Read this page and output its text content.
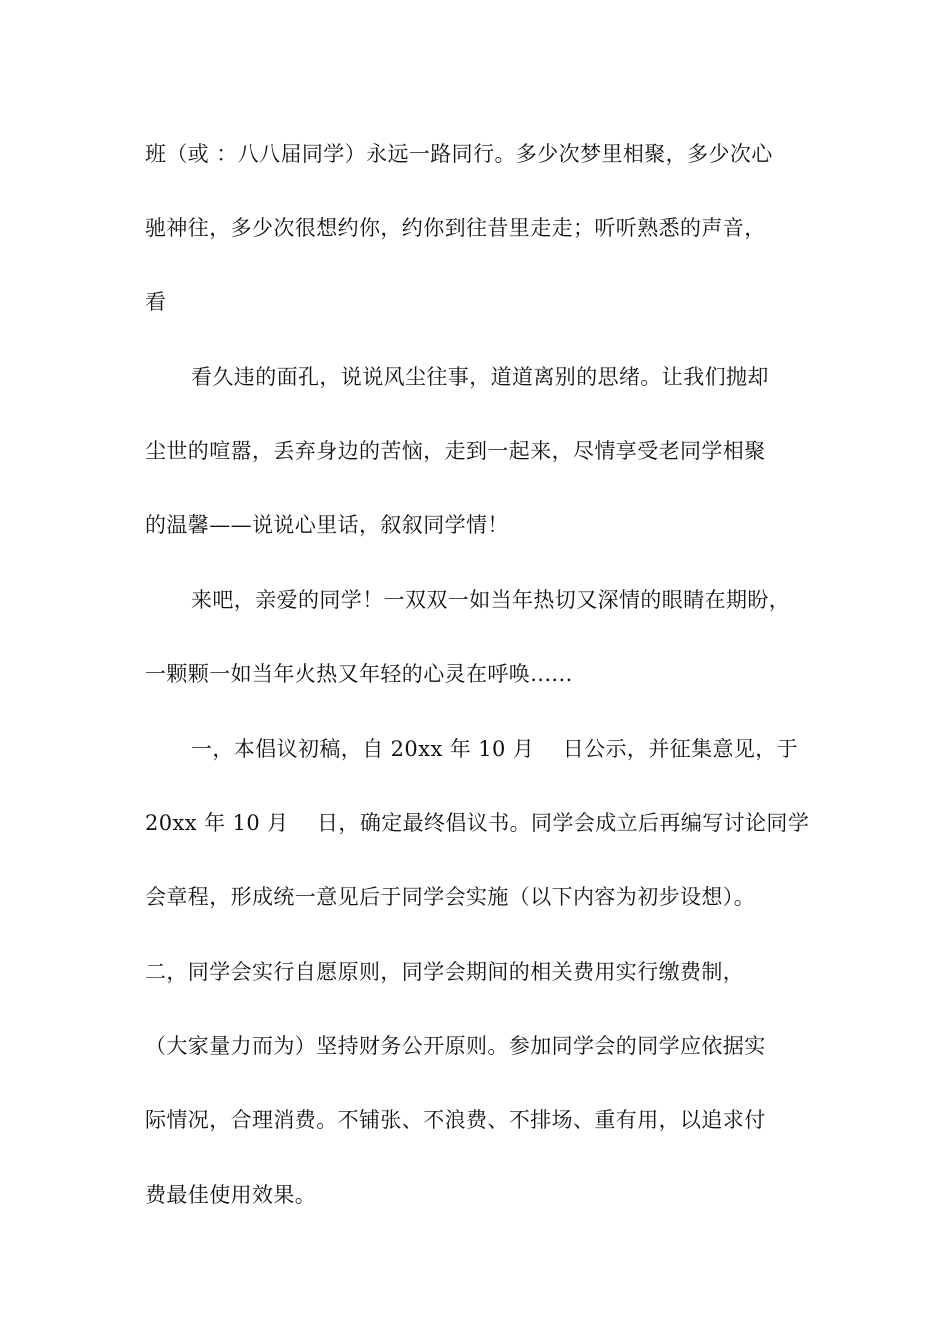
班（或 ：八八届同学）永远一路同行。多少次梦里相聚，多少次心
驰神往，多少次很想约你，约你到往昔里走走；听听熟悉的声音，
看
看久违的面孔，说说风尘往事，道道离别的思绪。让我们抛却
尘世的喧嚣，丢弃身边的苦恼，走到一起来，尽情享受老同学相聚
的温馨——说说心里话，叙叙同学情！
来吧，亲爱的同学！一双双一如当年热切又深情的眼睛在期盼，
一颗颗一如当年火热又年轻的心灵在呼唤......
一，本倡议初稿，自 20xx 年 10 月　 日公示，并征集意见，于
20xx 年 10 月　 日，确定最终倡议书。同学会成立后再编写讨论同学
会章程，形成统一意见后于同学会实施（以下内容为初步设想）。
二，同学会实行自愿原则，同学会期间的相关费用实行缴费制，
（大家量力而为）坚持财务公开原则。参加同学会的同学应依据实
际情况，合理消费。不铺张、不浪费、不排场、重有用，以追求付
费最佳使用效果。
